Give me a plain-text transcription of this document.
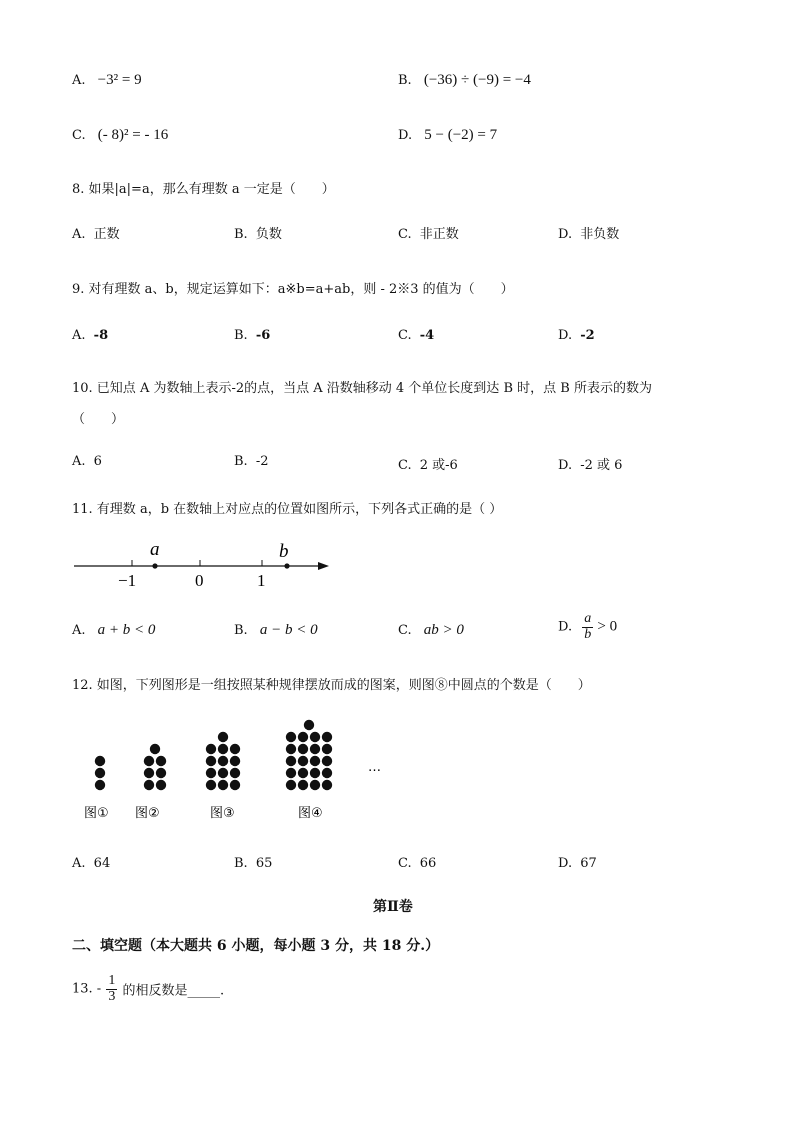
A. −3² = 9	B. (−36) ÷ (−9) = −4
C. (- 8)² = - 16	D. 5 − (−2) = 7
8. 如果|a|=a，那么有理数 a 一定是（　　）
A. 正数	B. 负数	C. 非正数	D. 非负数
9. 对有理数 a、b，规定运算如下：a※b=a+ab，则 - 2※3 的值为（　　）
A. -8	B. -6	C. -4	D. -2
10. 已知点 A 为数轴上表示-2的点，当点 A 沿数轴移动 4 个单位长度到达 B 时，点 B 所表示的数为
（　　）
A. 6	B. -2	C. 2 或-6	D. -2 或 6
11. 有理数 a，b 在数轴上对应点的位置如图所示，下列各式正确的是（ ）
a	b
−1	0	1
A. a + b < 0	B. a − b < 0	C. ab > 0	D. $\frac{a}{b} > 0$
12. 如图，下列图形是一组按照某种规律摆放而成的图案，则图⑧中圆点的个数是（　　）
…
图① 图②	图③	图④
A. 64	B. 65	C. 66	D. 67
第Ⅱ卷
二、填空题（本大题共 6 小题，每小题 3 分，共 18 分.）
13. - $\frac{1}{3}$ 的相反数是_____.
